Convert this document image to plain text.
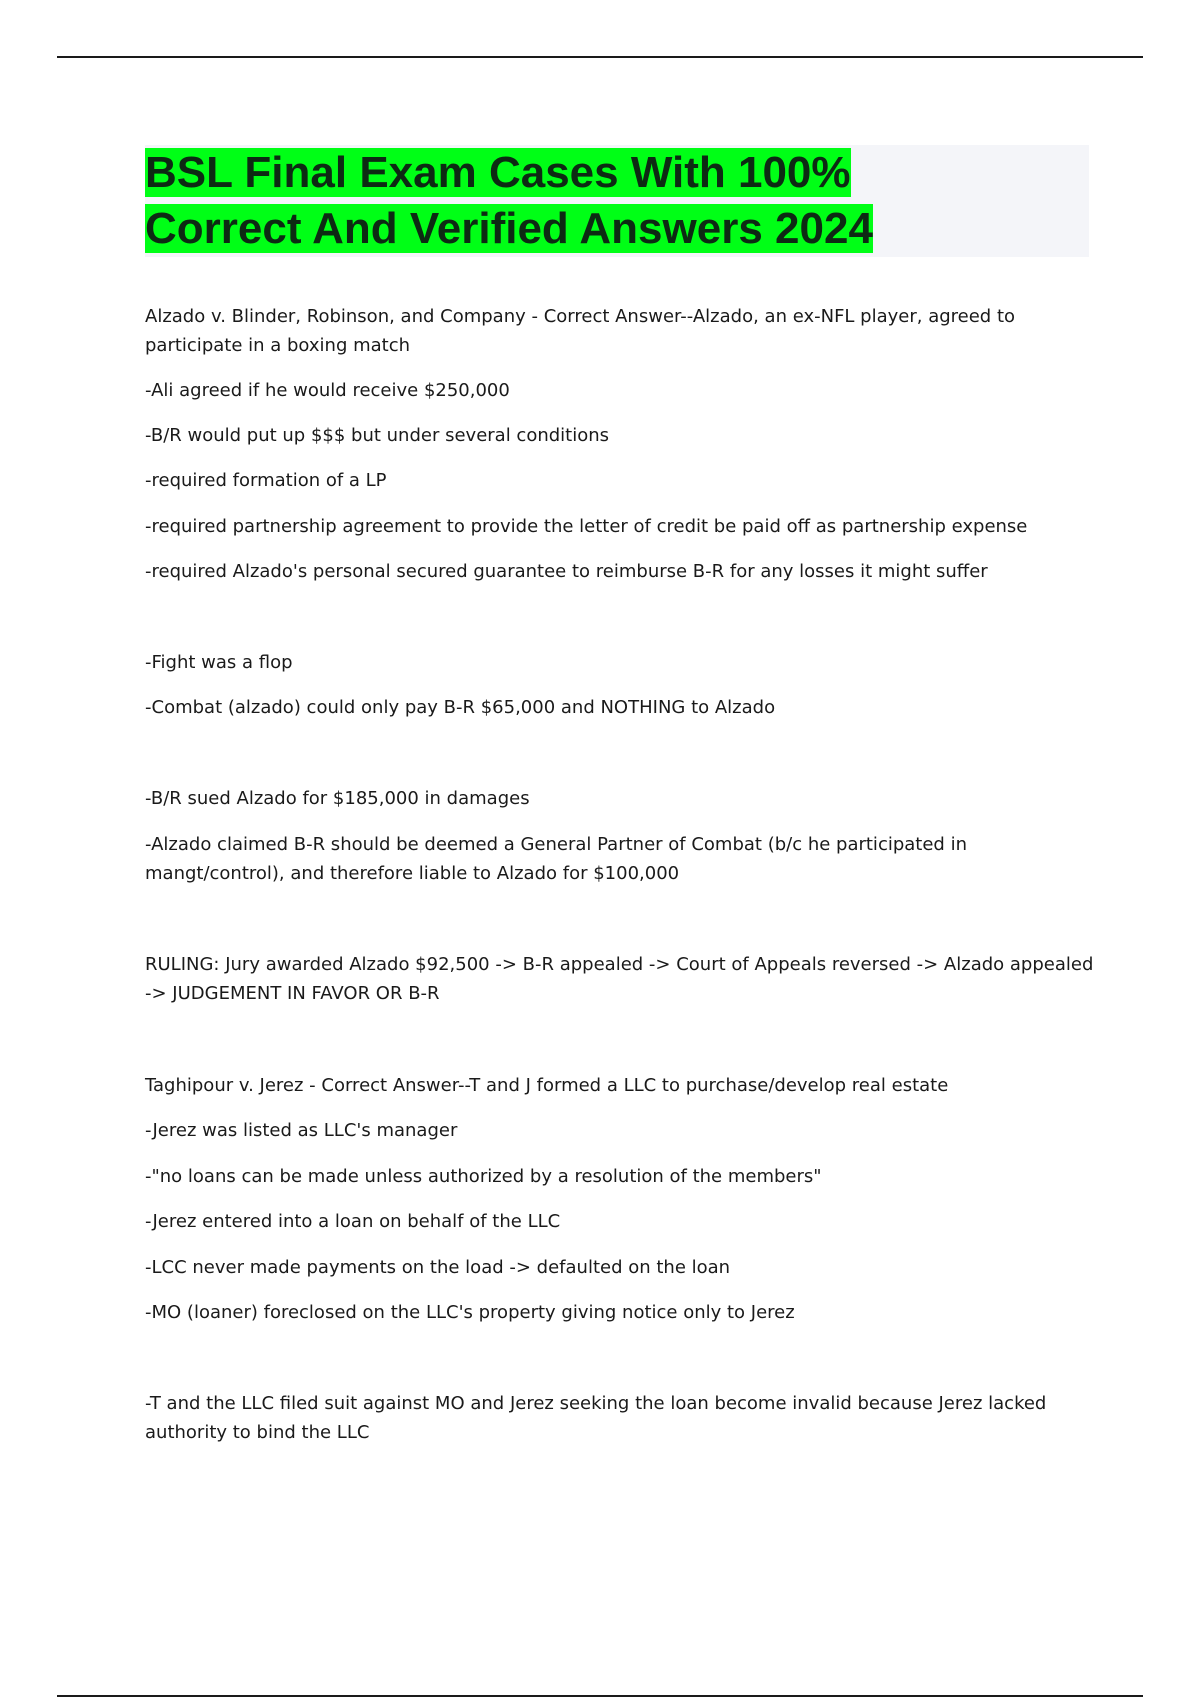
BSL Final Exam Cases With 100% Correct And Verified Answers 2024

Alzado v. Blinder, Robinson, and Company - Correct Answer--Alzado, an ex-NFL player, agreed to participate in a boxing match

-Ali agreed if he would receive $250,000

-B/R would put up $$$ but under several conditions

-required formation of a LP

-required partnership agreement to provide the letter of credit be paid off as partnership expense

-required Alzado's personal secured guarantee to reimburse B-R for any losses it might suffer

-Fight was a flop

-Combat (alzado) could only pay B-R $65,000 and NOTHING to Alzado

-B/R sued Alzado for $185,000 in damages

-Alzado claimed B-R should be deemed a General Partner of Combat (b/c he participated in mangt/control), and therefore liable to Alzado for $100,000

RULING: Jury awarded Alzado $92,500 -> B-R appealed -> Court of Appeals reversed -> Alzado appealed -> JUDGEMENT IN FAVOR OR B-R

Taghipour v. Jerez - Correct Answer--T and J formed a LLC to purchase/develop real estate

-Jerez was listed as LLC's manager

-"no loans can be made unless authorized by a resolution of the members"

-Jerez entered into a loan on behalf of the LLC

-LCC never made payments on the load -> defaulted on the loan

-MO (loaner) foreclosed on the LLC's property giving notice only to Jerez

-T and the LLC filed suit against MO and Jerez seeking the loan become invalid because Jerez lacked authority to bind the LLC
